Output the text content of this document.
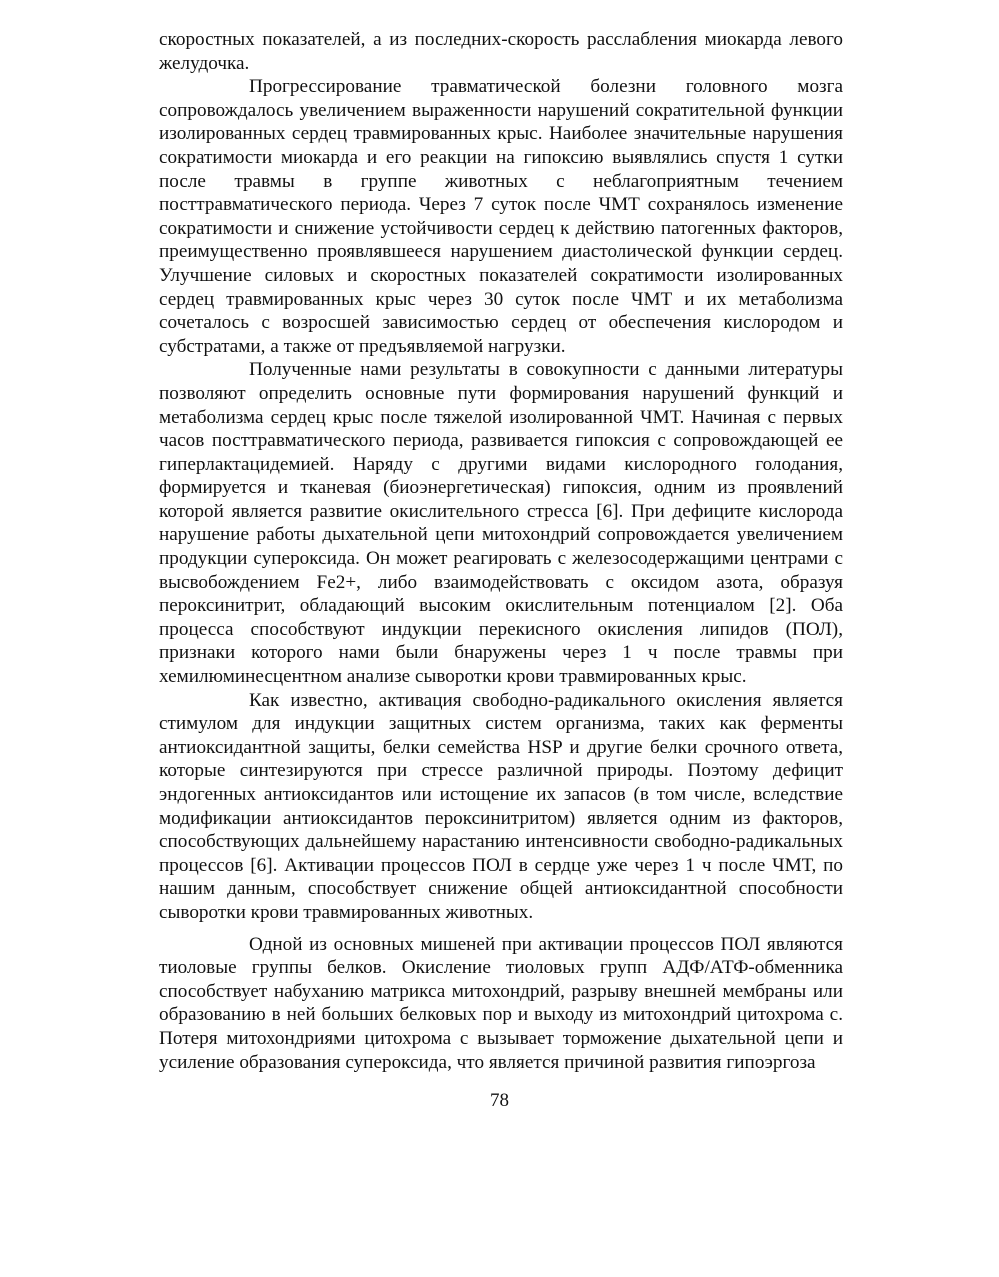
скоростных показателей, а из последних-скорость расслабления миокарда левого желудочка.

Прогрессирование травматической болезни головного мозга сопровождалось увеличением выраженности нарушений сократительной функции изолированных сердец травмированных крыс. Наиболее значительные нарушения сократимости миокарда и его реакции на гипоксию выявлялись спустя 1 сутки после травмы в группе животных с неблагоприятным течением посттравматического периода. Через 7 суток после ЧМТ сохранялось изменение сократимости и снижение устойчивости сердец к действию патогенных факторов, преимущественно проявлявшееся нарушением диастолической функции сердец. Улучшение силовых и скоростных показателей сократимости изолированных сердец травмированных крыс через 30 суток после ЧМТ и их метаболизма сочеталось с возросшей зависимостью сердец от обеспечения кислородом и субстратами, а также от предъявляемой нагрузки.

Полученные нами результаты в совокупности с данными литературы позволяют определить основные пути формирования нарушений функций и метаболизма сердец крыс после тяжелой изолированной ЧМТ. Начиная с первых часов посттравматического периода, развивается гипоксия с сопровождающей ее гиперлактацидемией. Наряду с другими видами кислородного голодания, формируется и тканевая (биоэнергетическая) гипоксия, одним из проявлений которой является развитие окислительного стресса [6]. При дефиците кислорода нарушение работы дыхательной цепи митохондрий сопровождается увеличением продукции супероксида. Он может реагировать с железосодержащими центрами с высвобождением Fe2+, либо взаимодействовать с оксидом азота, образуя пероксинитрит, обладающий высоким окислительным потенциалом [2]. Оба процесса способствуют индукции перекисного окисления липидов (ПОЛ), признаки которого нами были бнаружены через 1 ч после травмы при хемилюминесцентном анализе сыворотки крови травмированных крыс.

Как известно, активация свободно-радикального окисления является стимулом для индукции защитных систем организма, таких как ферменты антиоксидантной защиты, белки семейства HSP и другие белки срочного ответа, которые синтезируются при стрессе различной природы. Поэтому дефицит эндогенных антиоксидантов или истощение их запасов (в том числе, вследствие модификации антиоксидантов пероксинитритом) является одним из факторов, способствующих дальнейшему нарастанию интенсивности свободно-радикальных процессов [6]. Активации процессов ПОЛ в сердце уже через 1 ч после ЧМТ, по нашим данным, способствует снижение общей антиоксидантной способности сыворотки крови травмированных животных.

Одной из основных мишеней при активации процессов ПОЛ являются тиоловые группы белков. Окисление тиоловых групп АДФ/АТФ-обменника способствует набуханию матрикса митохондрий, разрыву внешней мембраны или образованию в ней больших белковых пор и выходу из митохондрий цитохрома с. Потеря митохондриями цитохрома с вызывает торможение дыхательной цепи и усиление образования супероксида, что является причиной развития гипоэргоза

78
